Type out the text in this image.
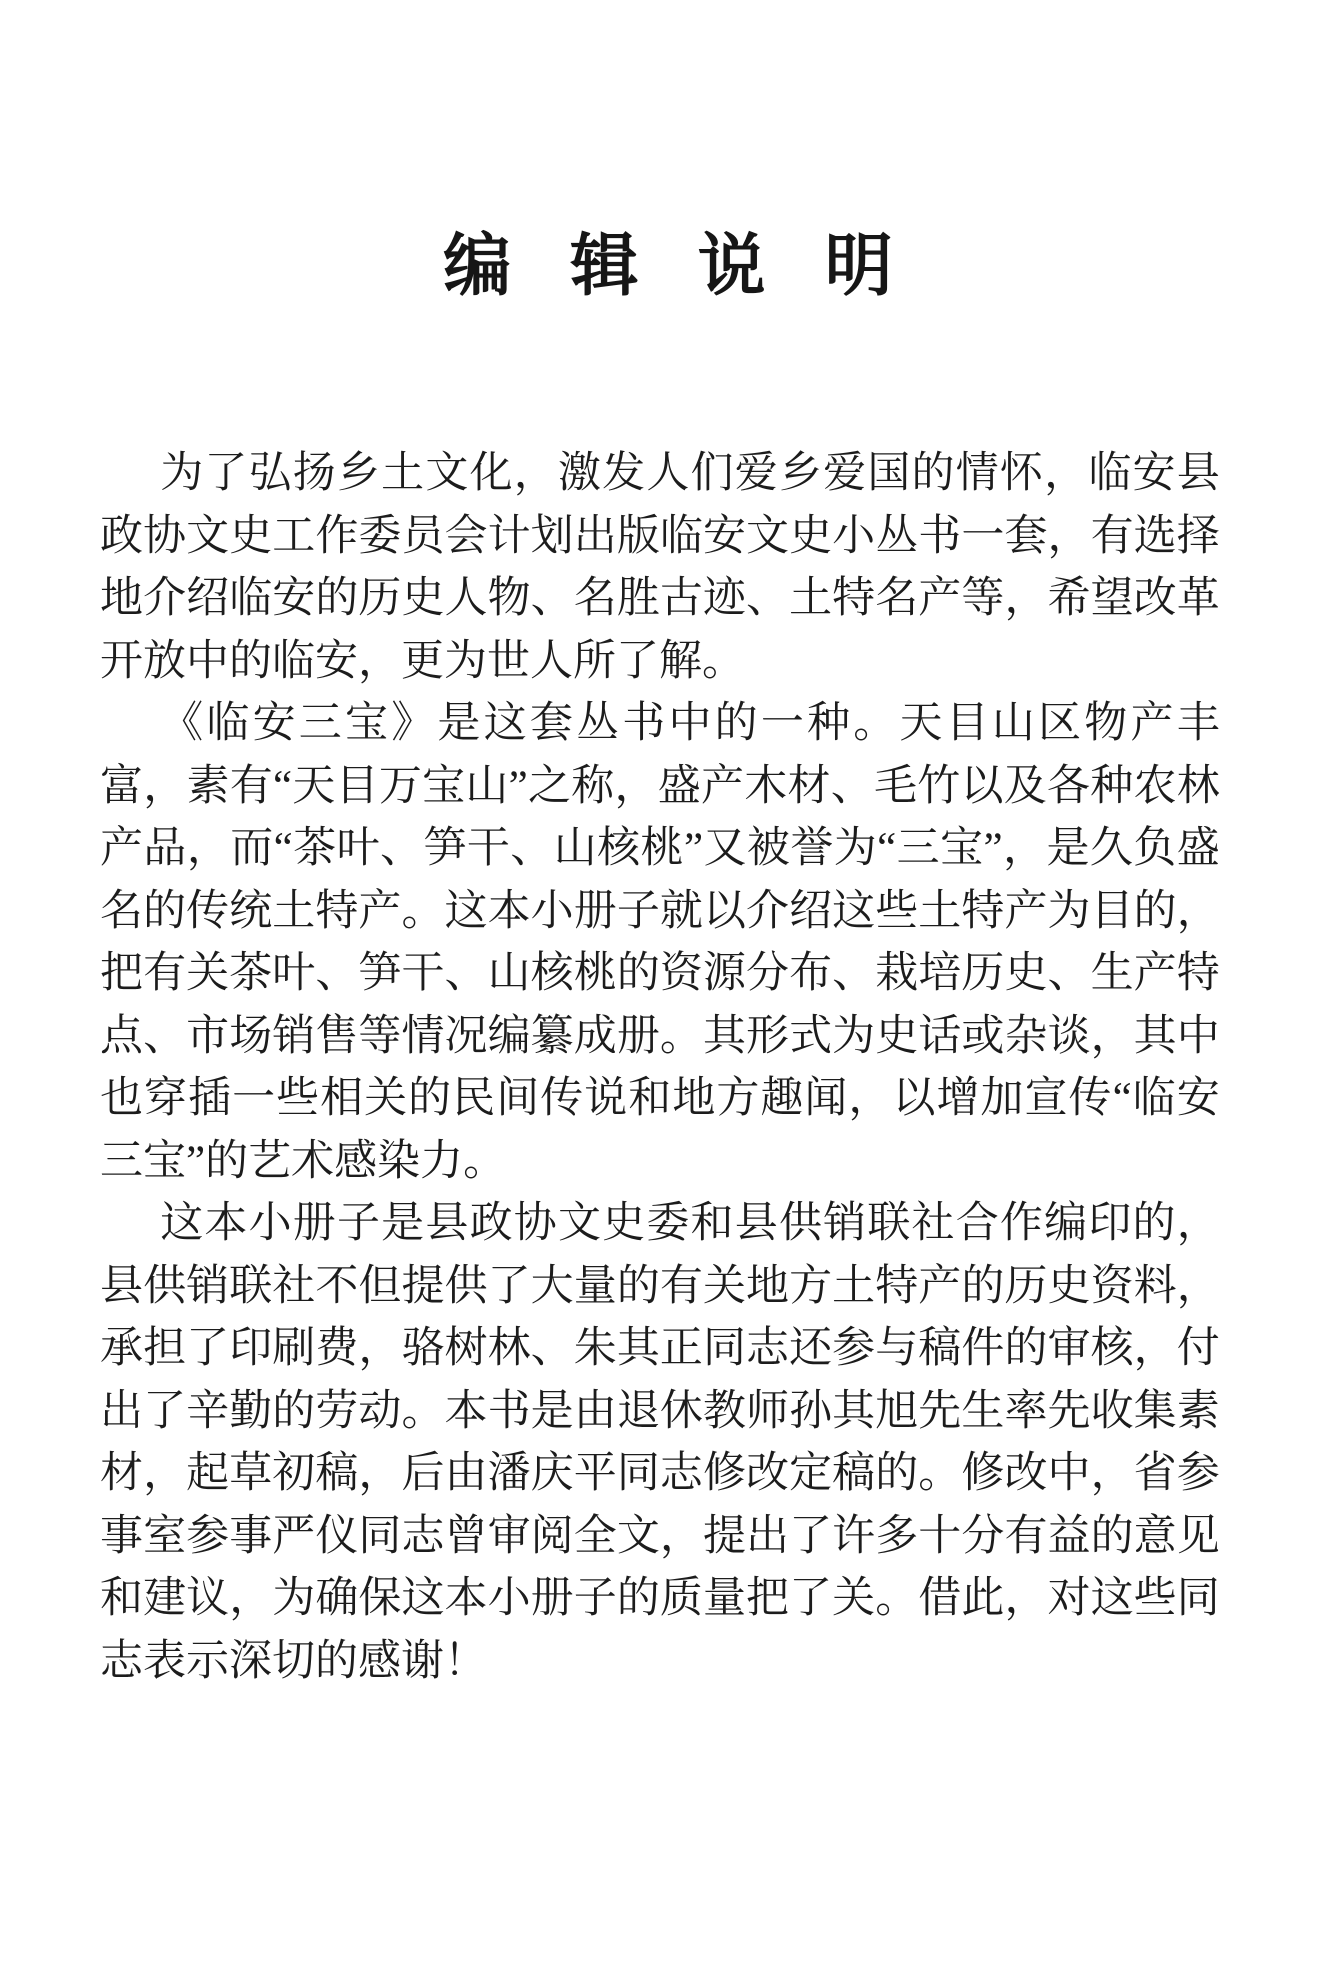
编辑说明

为了弘扬乡土文化，激发人们爱乡爱国的情怀，临安县政协文史工作委员会计划出版临安文史小丛书一套，有选择地介绍临安的历史人物、名胜古迹、土特名产等，希望改革开放中的临安，更为世人所了解。

《临安三宝》是这套丛书中的一种。天目山区物产丰富，素有“天目万宝山”之称，盛产木材、毛竹以及各种农林产品，而“茶叶、笋干、山核桃”又被誉为“三宝”，是久负盛名的传统土特产。这本小册子就以介绍这些土特产为目的，把有关茶叶、笋干、山核桃的资源分布、栽培历史、生产特点、市场销售等情况编纂成册。其形式为史话或杂谈，其中也穿插一些相关的民间传说和地方趣闻，以增加宣传“临安三宝”的艺术感染力。

这本小册子是县政协文史委和县供销联社合作编印的，县供销联社不但提供了大量的有关地方土特产的历史资料，承担了印刷费，骆树林、朱其正同志还参与稿件的审核，付出了辛勤的劳动。本书是由退休教师孙其旭先生率先收集素材，起草初稿，后由潘庆平同志修改定稿的。修改中，省参事室参事严仪同志曾审阅全文，提出了许多十分有益的意见和建议，为确保这本小册子的质量把了关。借此，对这些同志表示深切的感谢！
